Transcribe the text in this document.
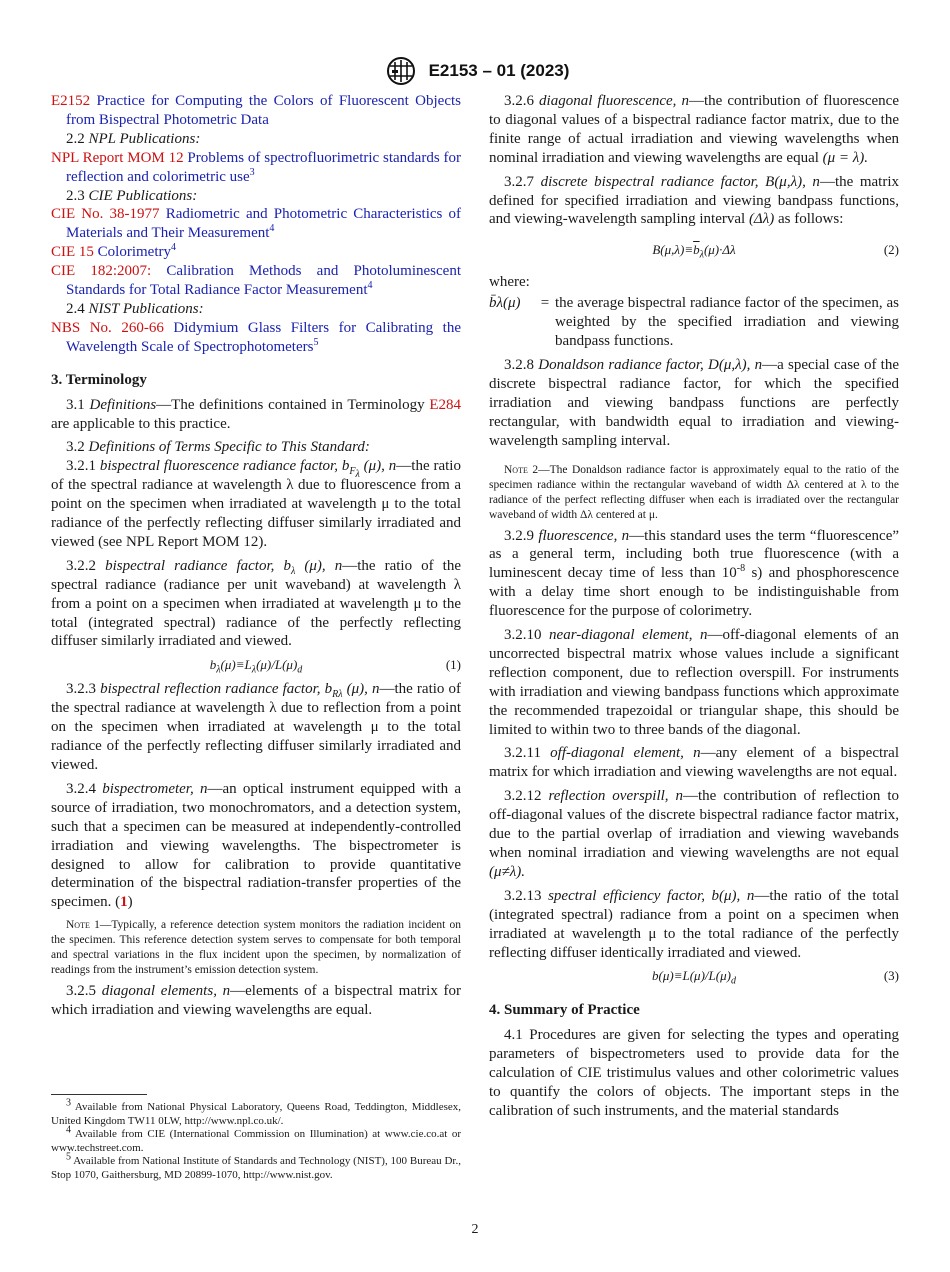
E2153 – 01 (2023)

E2152 Practice for Computing the Colors of Fluorescent Objects from Bispectral Photometric Data

2.2 NPL Publications:

NPL Report MOM 12 Problems of spectrofluorimetric standards for reflection and colorimetric use$^3$

2.3 CIE Publications:

CIE No. 38-1977 Radiometric and Photometric Characteristics of Materials and Their Measurement$^4$

CIE 15 Colorimetry$^4$

CIE 182:2007: Calibration Methods and Photoluminescent Standards for Total Radiance Factor Measurement$^4$

2.4 NIST Publications:

NBS No. 260-66 Didymium Glass Filters for Calibrating the Wavelength Scale of Spectrophotometers$^5$

3. Terminology

3.1 Definitions—The definitions contained in Terminology E284 are applicable to this practice.

3.2 Definitions of Terms Specific to This Standard:

3.2.1 bispectral fluorescence radiance factor, $b_{F_\lambda}$ (μ), n—the ratio of the spectral radiance at wavelength λ due to fluorescence from a point on the specimen when irradiated at wavelength μ to the total radiance of the perfectly reflecting diffuser similarly irradiated and viewed (see NPL Report MOM 12).

3.2.2 bispectral radiance factor, $b_\lambda$ (μ), n—the ratio of the spectral radiance (radiance per unit waveband) at wavelength λ from a point on a specimen when irradiated at wavelength μ to the total (integrated spectral) radiance of the perfectly reflecting diffuser similarly irradiated and viewed.

$b_\lambda(\mu)\equiv L_\lambda(\mu)/L(\mu)_d$	(1)

3.2.3 bispectral reflection radiance factor, $b_{R\lambda}$ (μ), n—the ratio of the spectral radiance at wavelength λ due to reflection from a point on the specimen when irradiated at wavelength μ to the total radiance of the perfectly reflecting diffuser similarly irradiated and viewed.

3.2.4 bispectrometer, n—an optical instrument equipped with a source of irradiation, two monochromators, and a detection system, such that a specimen can be measured at independently-controlled irradiation and viewing wavelengths. The bispectrometer is designed to allow for calibration to provide quantitative determination of the bispectral radiation-transfer properties of the specimen. (1)

Note 1—Typically, a reference detection system monitors the radiation incident on the specimen. This reference detection system serves to compensate for both temporal and spectral variations in the flux incident upon the specimen, by normalization of readings from the instrument’s emission detection system.

3.2.5 diagonal elements, n—elements of a bispectral matrix for which irradiation and viewing wavelengths are equal.

$^3$ Available from National Physical Laboratory, Queens Road, Teddington, Middlesex, United Kingdom TW11 0LW, http://www.npl.co.uk/.

$^4$ Available from CIE (International Commission on Illumination) at www.cie.co.at or www.techstreet.com.

$^5$ Available from National Institute of Standards and Technology (NIST), 100 Bureau Dr., Stop 1070, Gaithersburg, MD 20899-1070, http://www.nist.gov.

3.2.6 diagonal fluorescence, n—the contribution of fluorescence to diagonal values of a bispectral radiance factor matrix, due to the finite range of actual irradiation and viewing wavelengths when nominal irradiation and viewing wavelengths are equal (μ = λ).

3.2.7 discrete bispectral radiance factor, B(μ,λ), n—the matrix defined for specified irradiation and viewing bandpass functions, and viewing-wavelength sampling interval (Δλ) as follows:

$B(\mu,\lambda)\equiv\overline{b}_\lambda(\mu)\cdot\Delta\lambda$	(2)

where:

b̄λ(μ)	= the average bispectral radiance factor of the specimen, as weighted by the specified irradiation and viewing bandpass functions.

3.2.8 Donaldson radiance factor, D(μ,λ), n—a special case of the discrete bispectral radiance factor, for which the specified irradiation and viewing bandpass functions are perfectly rectangular, with bandwidth equal to irradiation and viewing-wavelength sampling interval.

Note 2—The Donaldson radiance factor is approximately equal to the ratio of the specimen radiance within the rectangular waveband of width Δλ centered at λ to the radiance of the perfect reflecting diffuser when each is irradiated over the rectangular waveband of width Δλ centered at μ.

3.2.9 fluorescence, n—this standard uses the term “fluorescence” as a general term, including both true fluorescence (with a luminescent decay time of less than $10^{-8}$ s) and phosphorescence with a delay time short enough to be indistinguishable from fluorescence for the purpose of colorimetry.

3.2.10 near-diagonal element, n—off-diagonal elements of an uncorrected bispectral matrix whose values include a significant reflection component, due to reflection overspill. For instruments with irradiation and viewing bandpass functions which approximate the recommended trapezoidal or triangular shape, this should be limited to within two to three bands of the diagonal.

3.2.11 off-diagonal element, n—any element of a bispectral matrix for which irradiation and viewing wavelengths are not equal.

3.2.12 reflection overspill, n—the contribution of reflection to off-diagonal values of the discrete bispectral radiance factor matrix, due to the partial overlap of irradiation and viewing wavebands when nominal irradiation and viewing wavelengths are not equal (μ≠λ).

3.2.13 spectral efficiency factor, b(μ), n—the ratio of the total (integrated spectral) radiance from a point on a specimen when irradiated at wavelength μ to the total radiance of the perfectly reflecting diffuser identically irradiated and viewed.

$b(\mu)\equiv L(\mu)/L(\mu)_d$	(3)
4. Summary of Practice

4.1 Procedures are given for selecting the types and operating parameters of bispectrometers used to provide data for the calculation of CIE tristimulus values and other colorimetric values to quantify the colors of objects. The important steps in the calibration of such instruments, and the material standards

2
